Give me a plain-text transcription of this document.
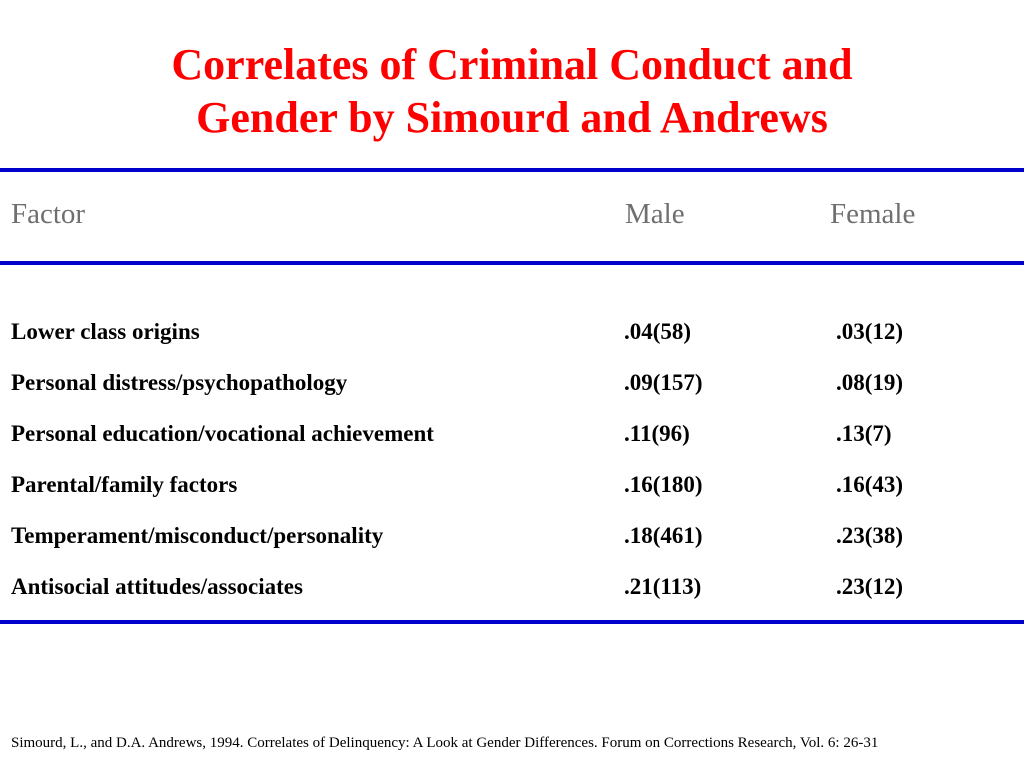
Correlates of Criminal Conduct and
Gender by Simourd and Andrews
Factor	Male	Female
Lower class origins	.04(58)	.03(12)
Personal distress/psychopathology	.09(157)	.08(19)
Personal education/vocational achievement	.11(96)	.13(7)
Parental/family factors	.16(180)	.16(43)
Temperament/misconduct/personality	.18(461)	.23(38)
Antisocial attitudes/associates	.21(113)	.23(12)
Simourd, L., and D.A. Andrews, 1994. Correlates of Delinquency: A Look at Gender Differences. Forum on Corrections Research, Vol. 6: 26-31
